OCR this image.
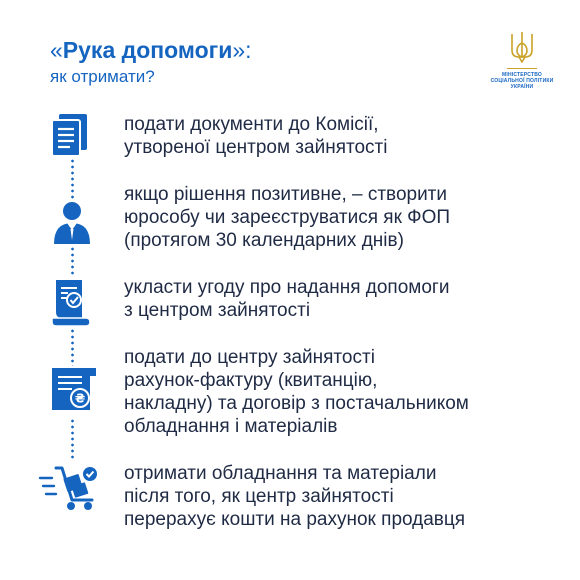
«Рука допомоги»:
як отримати?	МІНІСТЕРСТВО
СОЦІАЛЬНОЇ ПОЛІТИКИ
УКРАЇНИ
₴
подати документи до Комісії,
утвореної центром зайнятості
якщо рішення позитивне, – створити
юрособу чи зареєструватися як ФОП
(протягом 30 календарних днів)
укласти угоду про надання допомоги
з центром зайнятості
подати до центру зайнятості
рахунок-фактуру (квитанцію,
накладну) та договір з постачальником
обладнання і матеріалів
отримати обладнання та матеріали
після того, як центр зайнятості
перерахує кошти на рахунок продавця
